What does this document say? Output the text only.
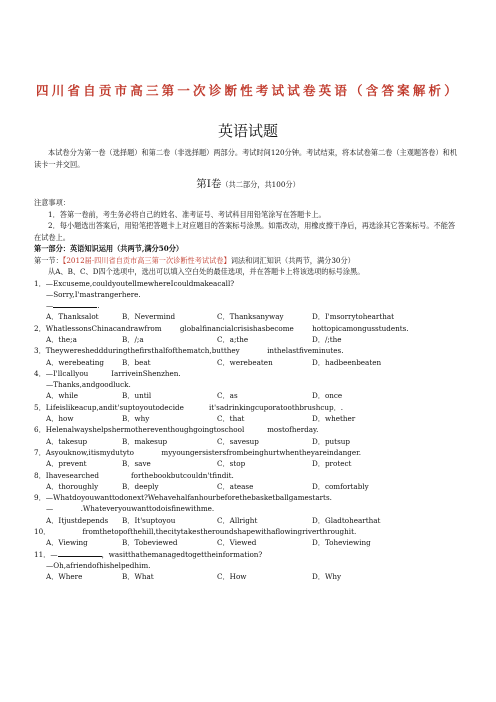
四川省自贡市高三第一次诊断性考试试卷英语（含答案解析）
英语试题

本试卷分为第一卷（选择题）和第二卷（非选择题）两部分。考试时间120分钟。考试结束，将本试卷第二卷（主观题答卷）和机读卡一并交回。

第Ⅰ卷（共二部分，共100分）

注意事项：

1．答第一卷前，考生务必将自己的姓名、准考证号、考试科目用铅笔涂写在答题卡上。

2．每小题选出答案后，用铅笔把答题卡上对应题目的答案标号涂黑。如需改动，用橡皮擦干净后，再选涂其它答案标号。不能答在试卷上。

第一部分：英语知识运用（共两节,满分50分）

第一节：【2012届·四川省自贡市高三第一次诊断性考试试卷】词法和词汇知识（共两节，满分30分）

从A、B、C、D四个选项中，选出可以填入空白处的最佳选项，并在答题卡上将该选项的标号涂黑。

1．—Excuseme,couldyoutellmewhereIcouldmakeacall?

—Sorry,I'mastrangerhere.

—	.

A．Thanksalot	B．Nevermind	C．Thanksanyway	D．I'msorrytohearthat

2．WhatlessonsChinacandrawfrom	globalfinancialcrisishasbecome	hottopicamongusstudents.

A．the;a	B．/;a	C．a;the	D．/;the

3．Theyweresheddduringthefirsthalfofthematch,butthey	inthelastfiveminutes.

A．werebeating	B．beat	C．werebeaten	D．hadbeenbeaten

4．—I'llcallyou	IarriveinShenzhen.

—Thanks,andgoodluck.

A．while	B．until	C．as	D．once

5．Lifeislikeacup,andit'suptoyoutodecide	it'sadrinkingcuporatoothbrushcup．.

A．how	B．why	C．that	D．whether

6．Helenalwayshelpshermothereventhoughgoingtoschool	mostofherday.

A．takesup	B．makesup	C．savesup	D．putsup

7．Asyouknow,itismydutyto	myyoungersistersfrombeinghurtwhentheyareindanger.

A．prevent	B．save	C．stop	D．protect

8．Ihavesearched	forthebookbutcouldn'tfindit.

A．thoroughly	B．deeply	C．atease	D．comfortably

9．—Whatdoyouwanttodonext?Wehavehalfanhourbeforethebasketballgamestarts.

—	.Whateveryouwanttodoisfinewithme.

A．Itjustdepends	B．It'suptoyou	C．Allright	D．Gladtohearthat

10．	fromthetopofthehill,thecitytakestheroundshapewithaflowingriverthroughit.

A．Viewing	B．Tobeviewed	C．Viewed	D．Toheviewing

11．—	，wasitthathemanagedtogettheinformation?

—Oh,afriendofhishelpedhim.

A．Where	B．What	C．How	D．Why
